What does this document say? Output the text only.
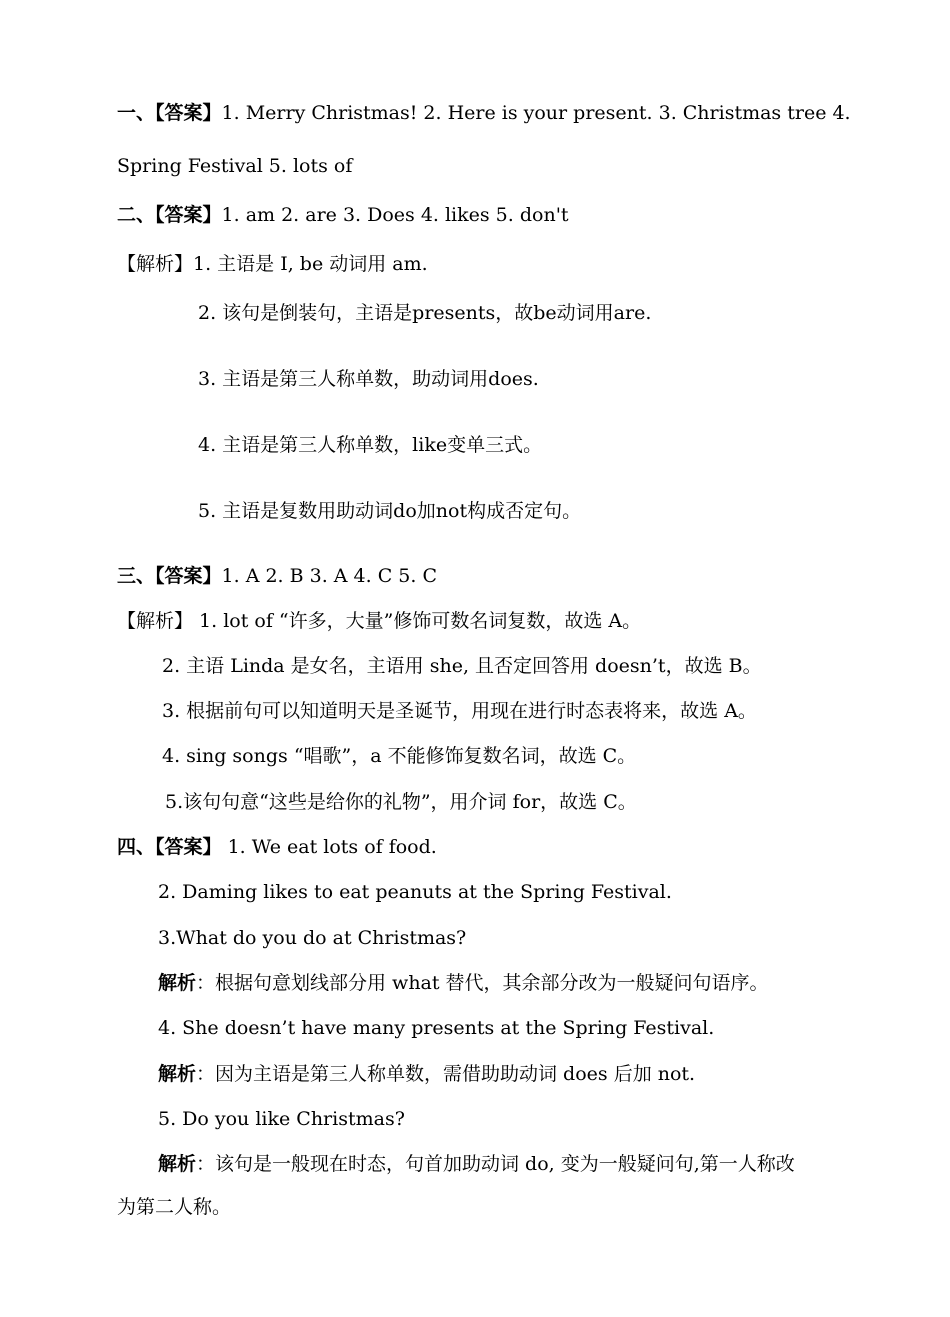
一、【答案】1. Merry Christmas! 2. Here is your present. 3. Christmas tree 4.
Spring Festival 5. lots of
二、【答案】1. am 2. are 3. Does 4. likes 5. don't
【解析】1. 主语是 I, be 动词用 am.
2. 该句是倒装句，主语是presents，故be动词用are.
3. 主语是第三人称单数，助动词用does.
4. 主语是第三人称单数，like变单三式。
5. 主语是复数用助动词do加not构成否定句。
三、【答案】1. A 2. B 3. A 4. C 5. C
【解析】 1. lot of “许多，大量”修饰可数名词复数，故选 A。
2. 主语 Linda 是女名，主语用 she, 且否定回答用 doesn’t，故选 B。
3. 根据前句可以知道明天是圣诞节，用现在进行时态表将来，故选 A。
4. sing songs “唱歌”，a 不能修饰复数名词，故选 C。
5.该句句意“这些是给你的礼物”，用介词 for，故选 C。
四、【答案】 1. We eat lots of food.
2. Daming likes to eat peanuts at the Spring Festival.
3.What do you do at Christmas?
解析：根据句意划线部分用 what 替代，其余部分改为一般疑问句语序。
4. She doesn’t have many presents at the Spring Festival.
解析：因为主语是第三人称单数，需借助助动词 does 后加 not.
5. Do you like Christmas?
解析：该句是一般现在时态，句首加助动词 do, 变为一般疑问句,第一人称改
为第二人称。
